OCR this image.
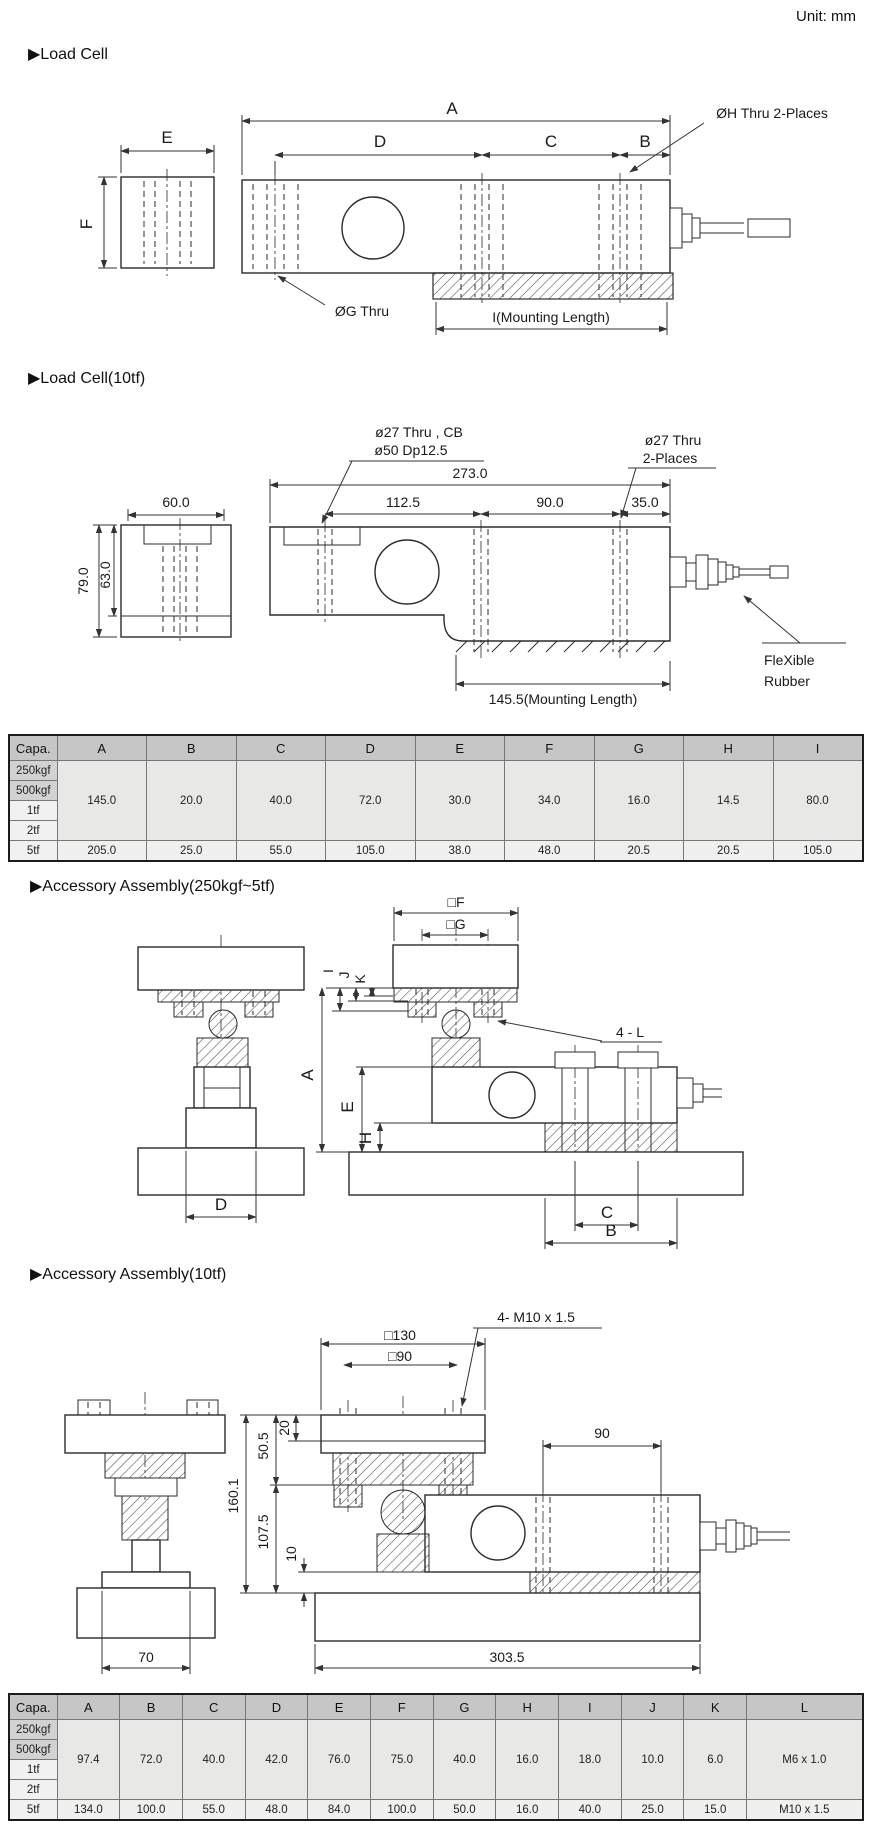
Unit: mm
▶Load Cell
E
F
A
D	C	B
ØH Thru 2-Places
ØG Thru	I(Mounting Length)
▶Load Cell(10tf)
60.0
79.0 63.0
273.0
112.5	90.0	35.0
ø27 Thru , CB
ø50 Dp12.5
ø27 Thru
2-Places
FleXible
Rubber
145.5(Mounting Length)
Capa.	A	B	C	D	E	F	G	H	I
250kgf	145.0	20.0	40.0	72.0	30.0	34.0	16.0	14.5	80.0
500kgf									
1tf									
2tf									
5tf	205.0	25.0	55.0	105.0	38.0	48.0	20.5	20.5	105.0
▶Accessory Assembly(250kgf~5tf)
D
□F
□G
K
J
I
A
E
H
4 - L
C
B
▶Accessory Assembly(10tf)
4- M10 x 1.5
□130
□90
70
90
20
50.5
107.5
160.1
10
303.5
Capa.	A	B	C	D	E	F	G	H	I	J	K	L
250kgf	97.4	72.0	40.0	42.0	76.0	75.0	40.0	16.0	18.0	10.0	6.0	M6 x 1.0
500kgf												
1tf												
2tf												
5tf	134.0	100.0	55.0	48.0	84.0	100.0	50.0	16.0	40.0	25.0	15.0	M10 x 1.5
